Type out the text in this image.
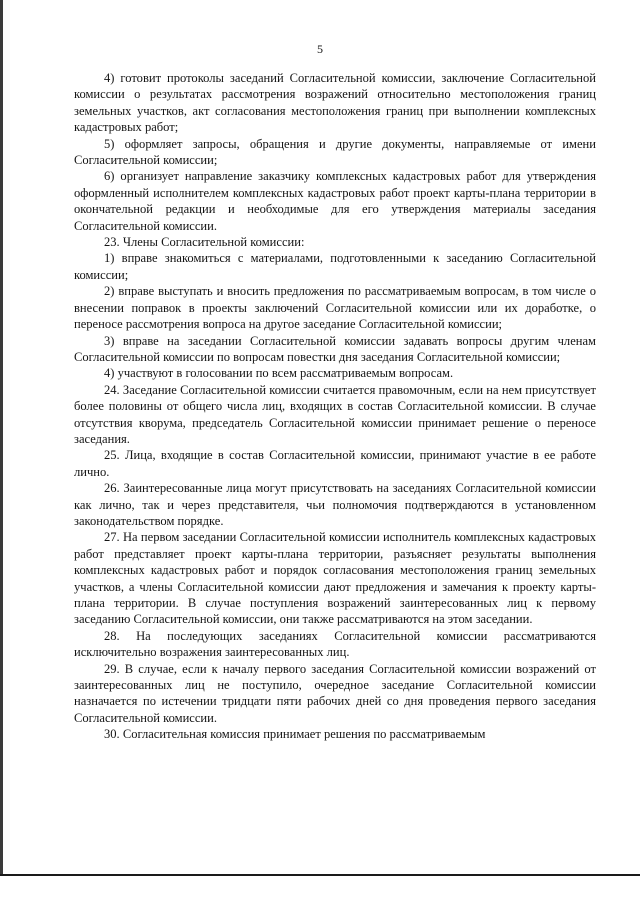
5

4) готовит протоколы заседаний Согласительной комиссии, заключение Согласительной комиссии о результатах рассмотрения возражений относительно местоположения границ земельных участков, акт согласования местоположения границ при выполнении комплексных кадастровых работ;

5) оформляет запросы, обращения и другие документы, направляемые от имени Согласительной комиссии;

6) организует направление заказчику комплексных кадастровых работ для утверждения оформленный исполнителем комплексных кадастровых работ проект карты-плана территории в окончательной редакции и необходимые для его утверждения материалы заседания Согласительной комиссии.

23. Члены Согласительной комиссии:

1) вправе знакомиться с материалами, подготовленными к заседанию Согласительной комиссии;

2) вправе выступать и вносить предложения по рассматриваемым вопросам, в том числе о внесении поправок в проекты заключений Согласительной комиссии или их доработке, о переносе рассмотрения вопроса на другое заседание Согласительной комиссии;

3) вправе на заседании Согласительной комиссии задавать вопросы другим членам Согласительной комиссии по вопросам повестки дня заседания Согласительной комиссии;

4) участвуют в голосовании по всем рассматриваемым вопросам.

24. Заседание Согласительной комиссии считается правомочным, если на нем присутствует более половины от общего числа лиц, входящих в состав Согласительной комиссии. В случае отсутствия кворума, председатель Согласительной комиссии принимает решение о переносе заседания.

25. Лица, входящие в состав Согласительной комиссии, принимают участие в ее работе лично.

26. Заинтересованные лица могут присутствовать на заседаниях Согласительной комиссии как лично, так и через представителя, чьи полномочия подтверждаются в установленном законодательством порядке.

27. На первом заседании Согласительной комиссии исполнитель комплексных кадастровых работ представляет проект карты-плана территории, разъясняет результаты выполнения комплексных кадастровых работ и порядок согласования местоположения границ земельных участков, а члены Согласительной комиссии дают предложения и замечания к проекту карты-плана территории. В случае поступления возражений заинтересованных лиц к первому заседанию Согласительной комиссии, они также рассматриваются на этом заседании.

28. На последующих заседаниях Согласительной комиссии рассматриваются исключительно возражения заинтересованных лиц.

29. В случае, если к началу первого заседания Согласительной комиссии возражений от заинтересованных лиц не поступило, очередное заседание Согласительной комиссии назначается по истечении тридцати пяти рабочих дней со дня проведения первого заседания Согласительной комиссии.

30. Согласительная комиссия принимает решения по рассматриваемым
